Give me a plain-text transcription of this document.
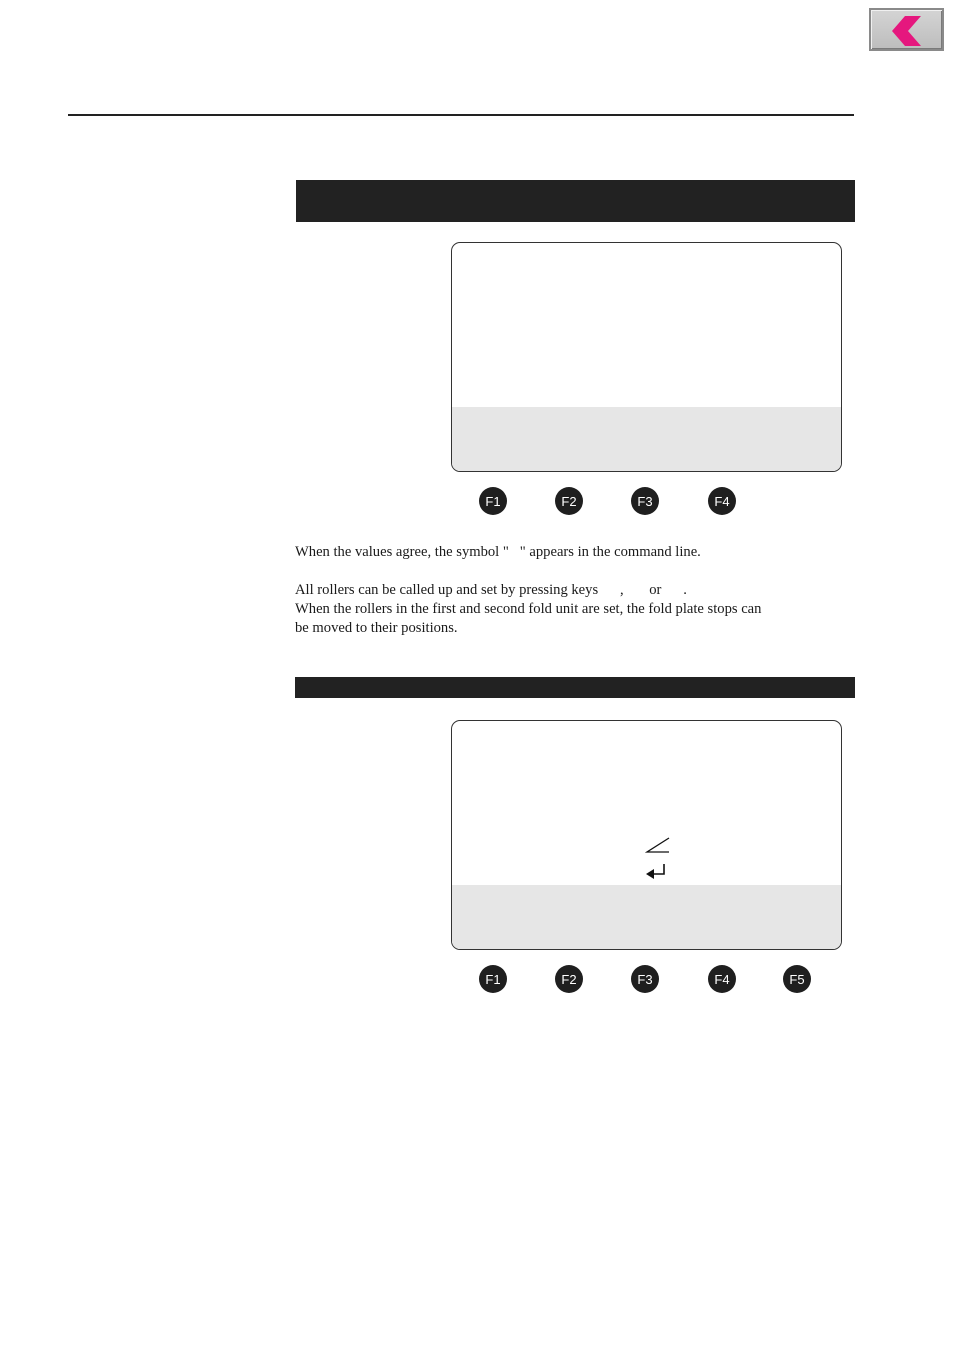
F1	F2	F3	F4
When the values agree, the symbol "   " appears in the command line.
All rollers can be called up and set by pressing keys      ,       or      .
When the rollers in the first and second fold unit are set, the fold plate stops can
be moved to their positions.
F1	F2	F3	F4	F5
